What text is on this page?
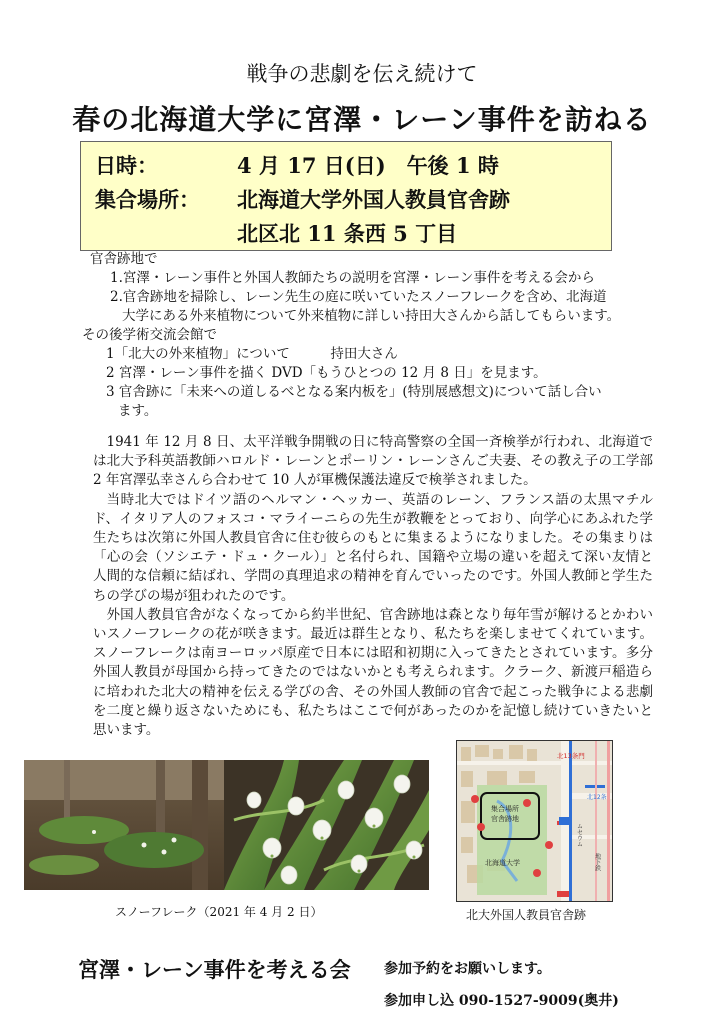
戦争の悲劇を伝え続けて
春の北海道大学に宮澤・レーン事件を訪ねる
日時：	4 月 17 日(日)　午後 1 時
集合場所： 北海道大学外国人教員官舎跡
北区北 11 条西 5 丁目
官舎跡地で
1.宮澤・レーン事件と外国人教師たちの説明を宮澤・レーン事件を考える会から
2.官舎跡地を掃除し、レーン先生の庭に咲いていたスノーフレークを含め、北海道
大学にある外来植物について外来植物に詳しい持田大さんから話してもらいます。
その後学術交流会館で
1「北大の外来植物」について　　　持田大さん
2 宮澤・レーン事件を描く DVD「もうひとつの 12 月 8 日」を見ます。
3 官舎跡に「未来への道しるべとなる案内板を」(特別展感想文)について話し合い
ます。

1941 年 12 月 8 日、太平洋戦争開戦の日に特高警察の全国一斉検挙が行われ、北海道では北大予科英語教師ハロルド・レーンとポーリン・レーンさんご夫妻、その教え子の工学部 2 年宮澤弘幸さんら合わせて 10 人が軍機保護法違反で検挙されました。

当時北大ではドイツ語のヘルマン・ヘッカー、英語のレーン、フランス語の太黒マチルド、イタリア人のフォスコ・マライーニらの先生が教鞭をとっており、向学心にあふれた学生たちは次第に外国人教員官舎に住む彼らのもとに集まるようになりました。その集まりは「心の会（ソシエテ・ドュ・クール）」と名付られ、国籍や立場の違いを超えて深い友情と人間的な信頼に結ばれ、学問の真理追求の精神を育んでいったのです。外国人教師と学生たちの学びの場が狙われたのです。

外国人教員官舎がなくなってから約半世紀、官舎跡地は森となり毎年雪が解けるとかわいいスノーフレークの花が咲きます。最近は群生となり、私たちを楽しませてくれています。スノーフレークは南ヨーロッパ原産で日本には昭和初期に入ってきたとされています。多分外国人教員が母国から持ってきたのではないかとも考えられます。クラーク、新渡戸稲造らに培われた北大の精神を伝える学びの舎、その外国人教師の官舎で起こった戦争による悲劇を二度と繰り返さないためにも、私たちはここで何があったのかを記憶し続けていきたいと思います。

スノーフレーク（2021 年 4 月 2 日）
北13条門
集合場所
官舎跡地
北海道大学
北12条
地下鉄
ムセウム
北大外国人教員官舎跡
宮澤・レーン事件を考える会 参加予約をお願いします。
参加申し込 090-1527-9009(奥井)
